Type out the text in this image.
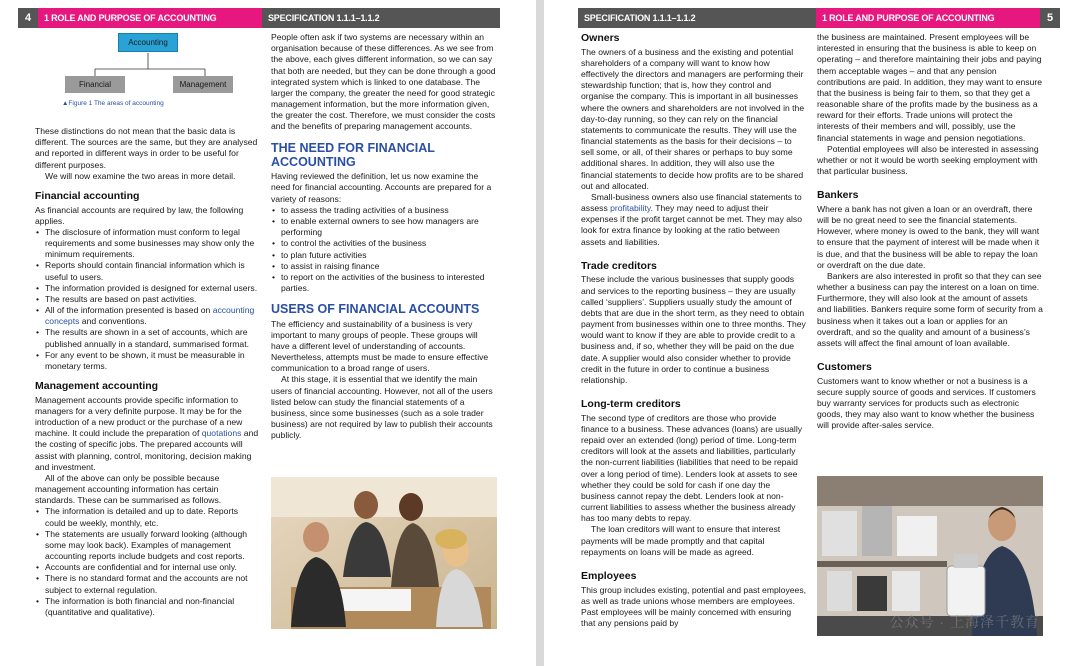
4	1 ROLE AND PURPOSE OF ACCOUNTING	SPECIFICATION 1.1.1–1.1.2
Accounting
Financial	Management
▲Figure 1 The areas of accounting

These distinctions do not mean that the basic data is different. The sources are the same, but they are analysed and reported in different ways in order to be useful for different purposes.

We will now examine the two areas in more detail.

Financial accounting

As financial accounts are required by law, the following applies.

• The disclosure of information must conform to legal requirements and some businesses may show only the minimum requirements.
• Reports should contain financial information which is useful to users.
• The information provided is designed for external users.
• The results are based on past activities.
• All of the information presented is based on accounting concepts and conventions.
• The results are shown in a set of accounts, which are published annually in a standard, summarised format.
• For any event to be shown, it must be measurable in monetary terms.
Management accounting

Management accounts provide specific information to managers for a very definite purpose. It may be for the introduction of a new product or the purchase of a new machine. It could include the preparation of quotations and the costing of specific jobs. The prepared accounts will assist with planning, control, monitoring, decision making and investment.

All of the above can only be possible because management accounting information has certain standards. These can be summarised as follows.

• The information is detailed and up to date. Reports could be weekly, monthly, etc.
• The statements are usually forward looking (although some may look back). Examples of management accounting reports include budgets and cost reports.
• Accounts are confidential and for internal use only.
• There is no standard format and the accounts are not subject to external regulation.
• The information is both financial and non-financial (quantitative and qualitative).

People often ask if two systems are necessary within an organisation because of these differences. As we see from the above, each gives different information, so we can say that both are needed, but they can be done through a good integrated system which is linked to one database. The larger the company, the greater the need for good strategic management information, but the more information given, the greater the cost. Therefore, we must consider the costs and the benefits of preparing management accounts.

THE NEED FOR FINANCIAL ACCOUNTING

Having reviewed the definition, let us now examine the need for financial accounting. Accounts are prepared for a variety of reasons:

• to assess the trading activities of a business
• to enable external owners to see how managers are performing
• to control the activities of the business
• to plan future activities
• to assist in raising finance
• to report on the activities of the business to interested parties.
USERS OF FINANCIAL ACCOUNTS

The efficiency and sustainability of a business is very important to many groups of people. These groups will have a different level of understanding of accounts. Nevertheless, attempts must be made to ensure effective communication to a broad range of users.

At this stage, it is essential that we identify the main users of financial accounting. However, not all of the users listed below can study the financial statements of a business, since some businesses (such as a sole trader business) are not required by law to publish their accounts publicly.

SPECIFICATION 1.1.1–1.1.2	1 ROLE AND PURPOSE OF ACCOUNTING	5
Owners

The owners of a business and the existing and potential shareholders of a company will want to know how effectively the directors and managers are performing their stewardship function; that is, how they control and organise the company. This is important in all businesses where the owners and shareholders are not involved in the day-to-day running, so they can rely on the financial statements to communicate the results. They will use the financial statements as the basis for their decisions – to sell some, or all, of their shares or perhaps to buy some additional shares. In addition, they will also use the financial statements to decide how profits are to be shared out and allocated.

Small-business owners also use financial statements to assess profitability. They may need to adjust their expenses if the profit target cannot be met. They may also look for extra finance by looking at the ratio between assets and liabilities.

Trade creditors

These include the various businesses that supply goods and services to the reporting business – they are usually called ‘suppliers’. Suppliers usually study the amount of debts that are due in the short term, as they need to obtain payment from businesses within one to three months. They would want to know if they are able to provide credit to a business and, if so, whether they will be paid on the due date. A supplier would also consider whether to provide credit in the future in order to continue a business relationship.

Long-term creditors

The second type of creditors are those who provide finance to a business. These advances (loans) are usually repaid over an extended (long) period of time. Long-term creditors will look at the assets and liabilities, particularly the non-current liabilities (liabilities that need to be repaid over a long period of time). Lenders look at assets to see whether they could be sold for cash if one day the business cannot repay the debt. Lenders look at non-current liabilities to assess whether the business already has too many debts to repay.

The loan creditors will want to ensure that interest payments will be made promptly and that capital repayments on loans will be made as agreed.

Employees

This group includes existing, potential and past employees, as well as trade unions whose members are employees. Past employees will be mainly concerned with ensuring that any pensions paid by

the business are maintained. Present employees will be interested in ensuring that the business is able to keep on operating – and therefore maintaining their jobs and paying them acceptable wages – and that any pension contributions are paid. In addition, they may want to ensure that the business is being fair to them, so that they get a reasonable share of the profits made by the business as a reward for their efforts. Trade unions will protect the interests of their members and will, possibly, use the financial statements in wage and pension negotiations.

Potential employees will also be interested in assessing whether or not it would be worth seeking employment with that particular business.

Bankers

Where a bank has not given a loan or an overdraft, there will be no great need to see the financial statements. However, where money is owed to the bank, they will want to ensure that the payment of interest will be made when it is due, and that the business will be able to repay the loan or overdraft on the due date.

Bankers are also interested in profit so that they can see whether a business can pay the interest on a loan on time. Furthermore, they will also look at the amount of assets and liabilities. Bankers require some form of security from a business when it takes out a loan or applies for an overdraft, and so the quality and amount of a business’s assets will affect the final amount of loan available.

Customers

Customers want to know whether or not a business is a secure supply source of goods and services. If customers buy warranty services for products such as electronic goods, they may also want to know whether the business will provide after-sales service.

公众号 · 上海泽千教育
